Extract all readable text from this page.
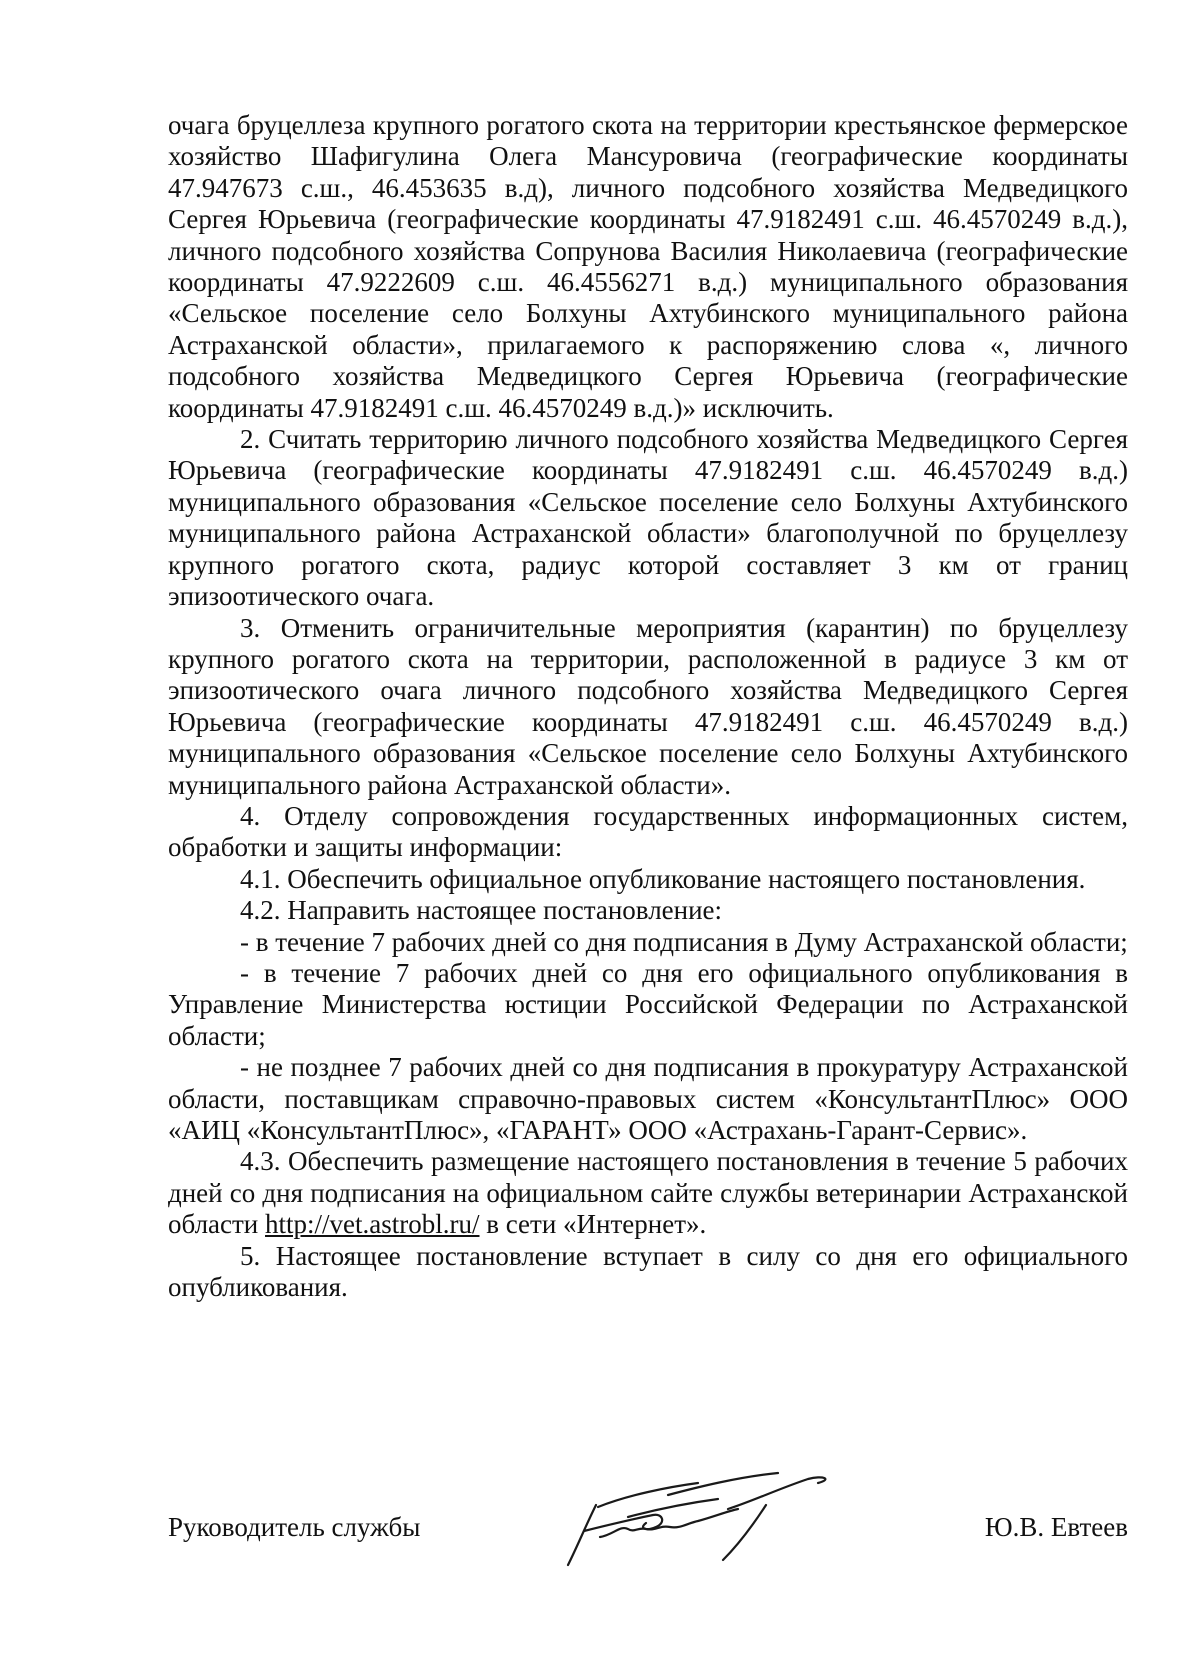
очага бруцеллеза крупного рогатого скота на территории крестьянское фермерское хозяйство Шафигулина Олега Мансуровича (географические координаты 47.947673 с.ш., 46.453635 в.д), личного подсобного хозяйства Медведицкого Сергея Юрьевича (географические координаты 47.9182491 с.ш. 46.4570249 в.д.), личного подсобного хозяйства Сопрунова Василия Николаевича (географические координаты 47.9222609 с.ш. 46.4556271 в.д.) муниципального образования «Сельское поселение село Болхуны Ахтубинского муниципального района Астраханской области», прилагаемого к распоряжению слова «, личного подсобного хозяйства Медведицкого Сергея Юрьевича (географические координаты 47.9182491 с.ш. 46.4570249 в.д.)» исключить.

2. Считать территорию личного подсобного хозяйства Медведицкого Сергея Юрьевича (географические координаты 47.9182491 с.ш. 46.4570249 в.д.) муниципального образования «Сельское поселение село Болхуны Ахтубинского муниципального района Астраханской области» благополучной по бруцеллезу крупного рогатого скота, радиус которой составляет 3 км от границ эпизоотического очага.

3. Отменить ограничительные мероприятия (карантин) по бруцеллезу крупного рогатого скота на территории, расположенной в радиусе 3 км от эпизоотического очага личного подсобного хозяйства Медведицкого Сергея Юрьевича (географические координаты 47.9182491 с.ш. 46.4570249 в.д.) муниципального образования «Сельское поселение село Болхуны Ахтубинского муниципального района Астраханской области».

4. Отделу сопровождения государственных информационных систем, обработки и защиты информации:

4.1. Обеспечить официальное опубликование настоящего постановления.

4.2. Направить настоящее постановление:

- в течение 7 рабочих дней со дня подписания в Думу Астраханской области;

- в течение 7 рабочих дней со дня его официального опубликования в Управление Министерства юстиции Российской Федерации по Астраханской области;

- не позднее 7 рабочих дней со дня подписания в прокуратуру Астраханской области, поставщикам справочно-правовых систем «КонсультантПлюс» ООО «АИЦ «КонсультантПлюс», «ГАРАНТ» ООО «Астрахань-Гарант-Сервис».

4.3. Обеспечить размещение настоящего постановления в течение 5 рабочих дней со дня подписания на официальном сайте службы ветеринарии Астраханской области http://vet.astrobl.ru/ в сети «Интернет».

5. Настоящее постановление вступает в силу со дня его официального опубликования.

Руководитель службы	Ю.В. Евтеев
